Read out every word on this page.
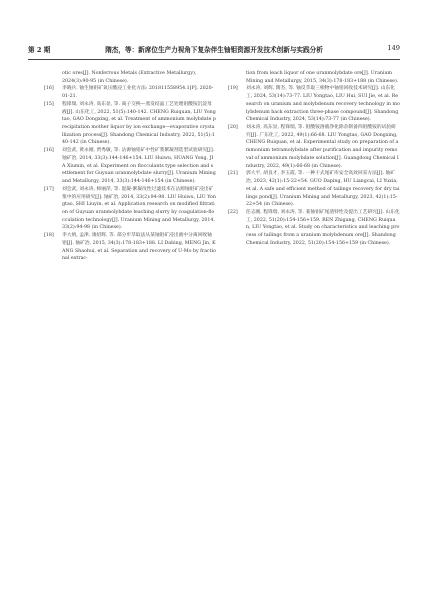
第 2 期	隋杰，等：新席位生产力视角下复杂伴生铀钼资源开发技术创新与实践分析	149
otic ores[J]. Nonferrous Metals (Extractive Metallurgy), 2024(3):90-95 (in Chinese).
[16] 李晓兵. 铀生铀钼矿氧压酸浸工业化方法: 201811558954.1[P]. 2020-01-21.
[15] 程锋瑞, 刘永涛, 高东显, 等. 离子交换—蒸发结晶工艺处理钼酸铵沉淀母液[J]. 山东化工, 2022, 51(5):140-142. CHENG Ruiquan, LIU Yongtao, GAO Dongxing, et al. Treatment of ammonium molybdate precipitation mother liquor by ion exchange—evaporative crystallization process[J]. Shandong Chemical Industry, 2022, 51(5):140-142 (in Chinese).
[16] 刘会武, 黄永刚, 贾秀敏, 等. 沾源铀钼矿中性矿浆絮凝剂选型试验研究[J]. 铀矿冶, 2014, 33(3):144-146+154. LIU Huiwu, HUANG Yong, JIA Xiumin, et al. Experiment on flocculants type selection and settlement for Guyuan uranmolybdate slurry[J]. Uranium Mining and Metallurgy, 2014, 33(3):144-146+154 (in Chinese).
[17] 刘会武, 刘永涛, 师丽萍, 等. 混凝-絮凝改性过滤技术在沾源铀钼矿浸出矿浆中的应用研究[J]. 铀矿冶, 2014, 33(2):94-98. LIU Huiwu, LIU Yongtao, SHI Liuyin, et al. Application research on modified filtration of Guyuan uranmolybdate leaching slurry by coagulation-flocculation technology[J]. Uranium Mining and Metallurgy, 2014, 33(2):94-98 (in Chinese).
[18] 李大炳, 孟津, 康绍辉, 等. 部分步萃取法从某铀钼矿浸出液中分离回收铀钼[J]. 铀矿冶, 2015, 34(3):178-183+188. LI Dabing, MENG Jin, KANG Shaohui, et al. Separation and recovery of U-Mo by fractional extrac-
tion from leach liquor of one uranmolybdate ore[J]. Uranium Mining and Metallurgy, 2015, 34(3):178-183+188 (in Chinese).
[19] 刘永涛, 刘辉, 隋杰, 等. 铀反萃取三相物中铀钼回收技术研究[J]. 山东化工, 2024, 53(14):73-77. LIU Yongtao, LIU Hui, SUI Jie, et al. Research on uranium and molybdenum recovery technology in molybdenum back extraction three-phase compound[J]. Shandong Chemical Industry, 2024, 53(14):73-77 (in Chinese).
[20] 刘永涛, 高东显, 程锋瑞, 等. 钼酸铵溶液净化除杂制备四钼酸铵的试验研究[J]. 广东化工, 2022, 49(1):66-68. LIU Yongtao, GAO Dongxing, CHENG Ruiquan, et al. Experimental study on preparation of ammonium tetramolybdate after purification and impurity removal of ammonium molybdate solution[J]. Guangdong Chemical Industry, 2022, 49(1):66-68 (in Chinese).
[21] 郭大平, 胡良才, 李玉霞, 等. 一种干式尾矿库安全高效回采方法[J]. 铀矿冶, 2023, 42(1):15-22+54. GUO Daping, HU Liangcai, LI Yuxia, et al. A safe and efficient method of tailings recovery for dry tailings pond[J]. Uranium Mining and Metallurgy, 2023, 42(1):15-22+54 (in Chinese).
[22] 任志刚, 程锋瑞, 刘永涛, 等. 某铀钼矿尾渣特性及提出工艺研究[J]. 山东化工, 2022, 51(20):154-156+159. REN Zhigang, CHENG Ruiquan, LIU Yongtao, et al. Study on characteristics and leaching process of tailings from a uranium molybdenum ore[J]. Shandong Chemical Industry, 2022, 51(20):154-156+159 (in Chinese).
